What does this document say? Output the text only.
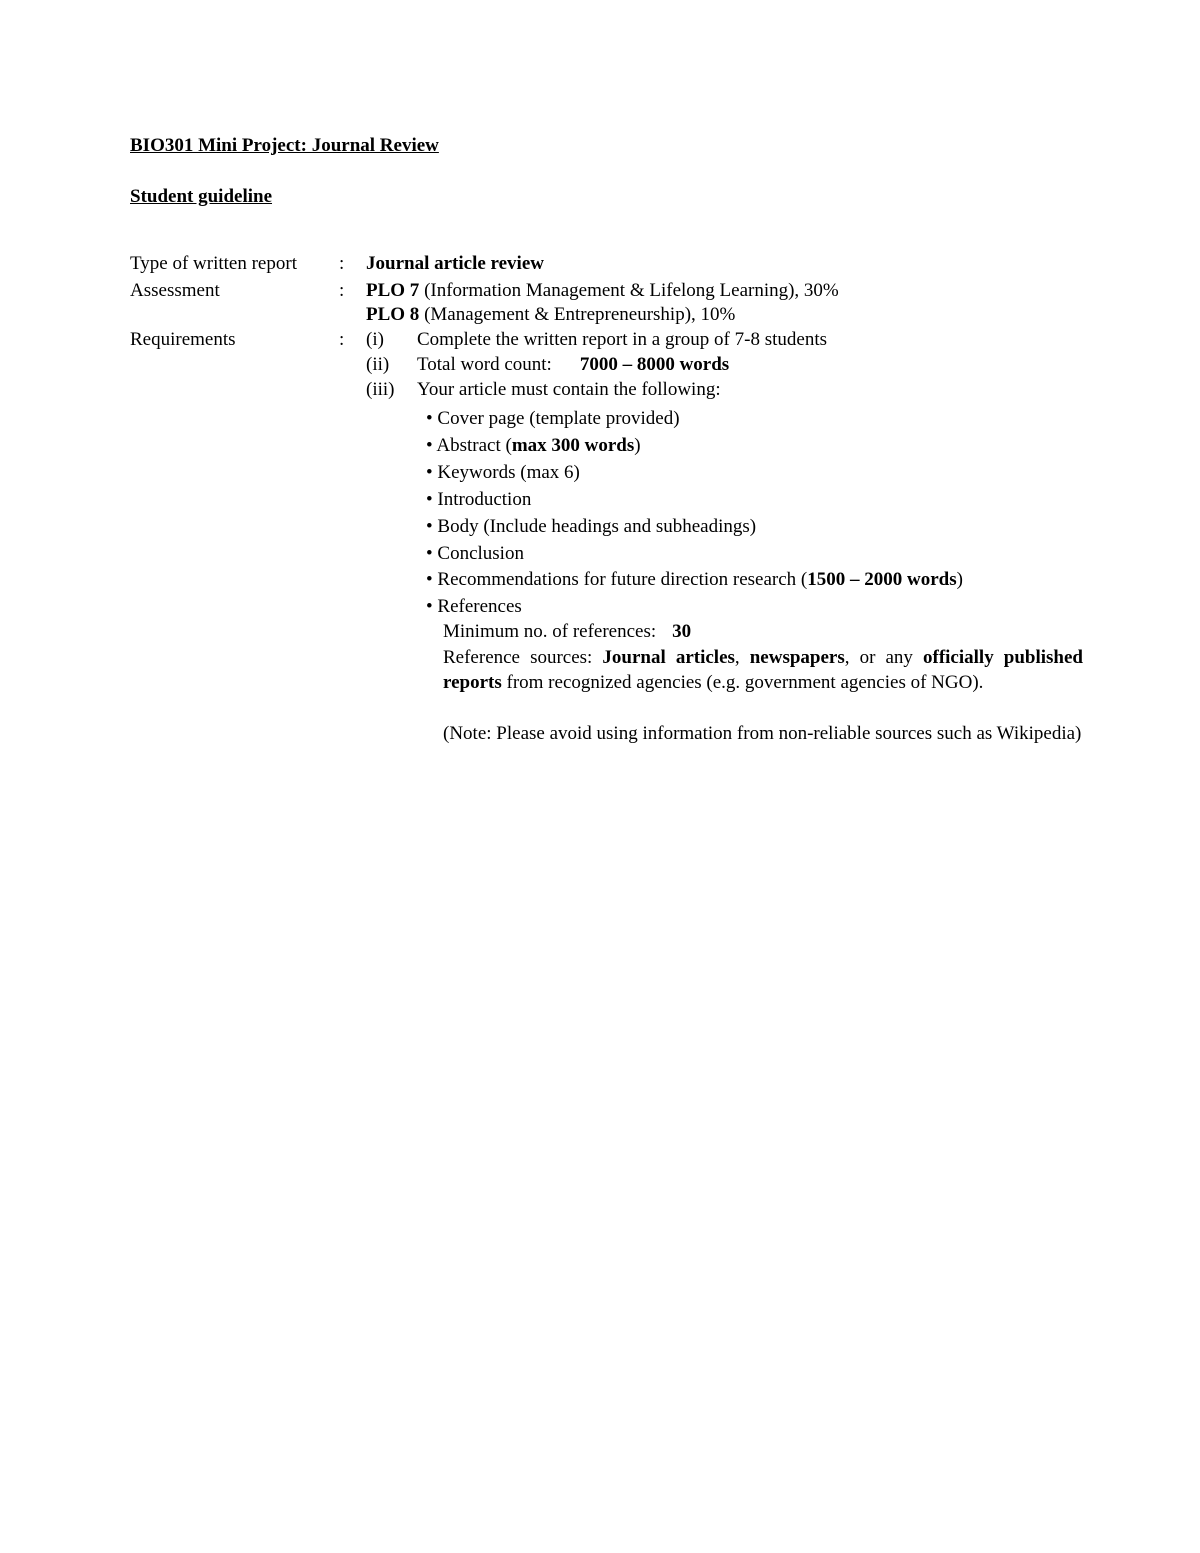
BIO301 Mini Project: Journal Review
Student guideline
Type of written report : Journal article review
Assessment	: PLO 7 (Information Management & Lifelong Learning), 30%
PLO 8 (Management & Entrepreneurship), 10%
Requirements	: (i) Complete the written report in a group of 7-8 students
(ii) Total word count: 7000 – 8000 words
(iii) Your article must contain the following:
• Cover page (template provided)
• Abstract (max 300 words)
• Keywords (max 6)
• Introduction
• Body (Include headings and subheadings)
• Conclusion
• Recommendations for future direction research (1500 – 2000 words)
• References
Minimum no. of references: 30
Reference sources: Journal articles, newspapers, or any officially published reports from recognized agencies (e.g. government agencies of NGO).
(Note: Please avoid using information from non-reliable sources such as Wikipedia)
